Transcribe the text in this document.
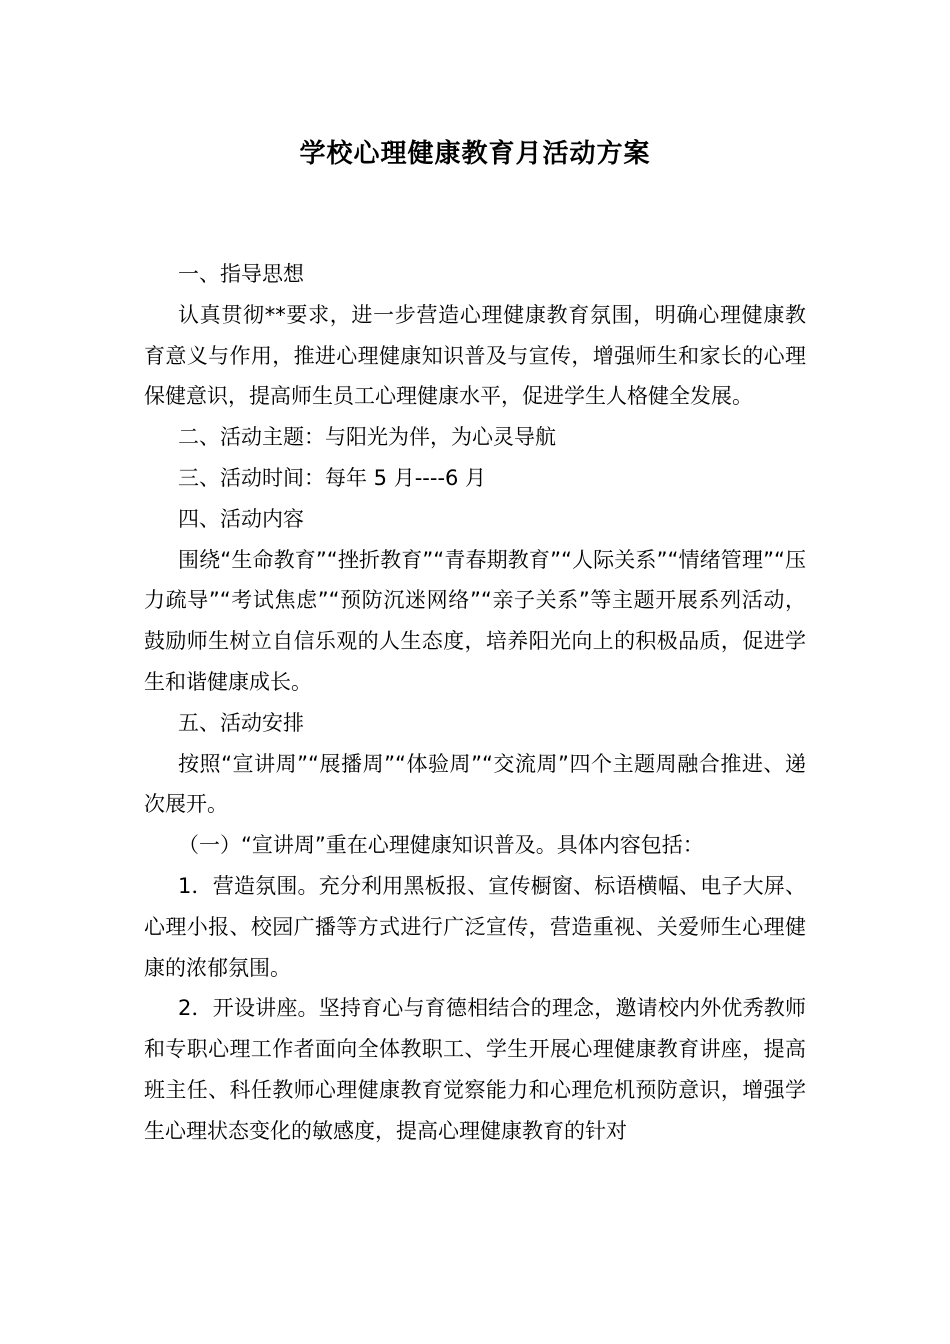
学校心理健康教育月活动方案

一、指导思想

认真贯彻**要求，进一步营造心理健康教育氛围，明确心理健康教育意义与作用，推进心理健康知识普及与宣传，增强师生和家长的心理保健意识，提高师生员工心理健康水平，促进学生人格健全发展。

二、活动主题：与阳光为伴，为心灵导航

三、活动时间：每年 5 月----6 月

四、活动内容

围绕“生命教育”“挫折教育”“青春期教育”“人际关系”“情绪管理”“压力疏导”“考试焦虑”“预防沉迷网络”“亲子关系”等主题开展系列活动，鼓励师生树立自信乐观的人生态度，培养阳光向上的积极品质，促进学生和谐健康成长。

五、活动安排

按照“宣讲周”“展播周”“体验周”“交流周”四个主题周融合推进、递次展开。

（一）“宣讲周”重在心理健康知识普及。具体内容包括：

1．营造氛围。充分利用黑板报、宣传橱窗、标语横幅、电子大屏、心理小报、校园广播等方式进行广泛宣传，营造重视、关爱师生心理健康的浓郁氛围。

2．开设讲座。坚持育心与育德相结合的理念，邀请校内外优秀教师和专职心理工作者面向全体教职工、学生开展心理健康教育讲座，提高班主任、科任教师心理健康教育觉察能力和心理危机预防意识，增强学生心理状态变化的敏感度，提高心理健康教育的针对
